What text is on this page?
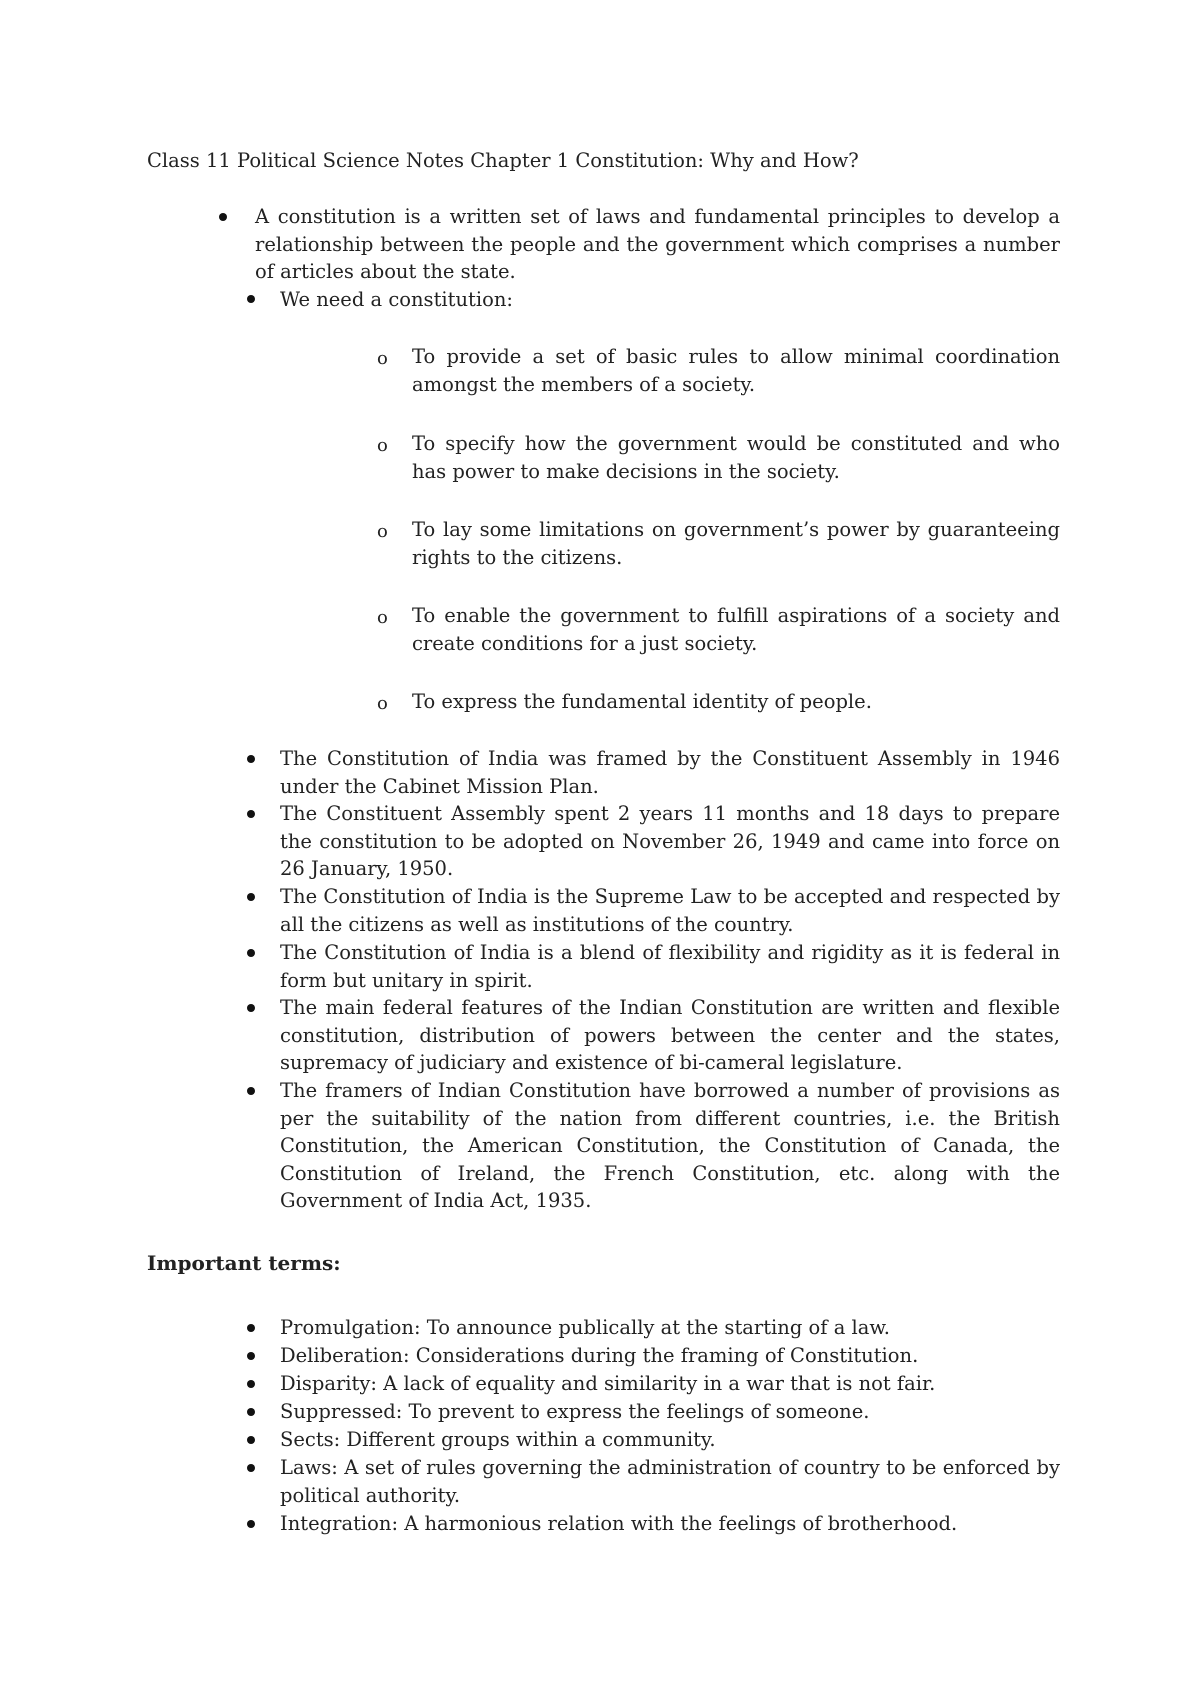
Class 11 Political Science Notes Chapter 1 Constitution: Why and How?
A constitution is a written set of laws and fundamental principles to develop a relationship between the people and the government which comprises a number of articles about the state.
We need a constitution:
o To provide a set of basic rules to allow minimal coordination amongst the members of a society.
o To specify how the government would be constituted and who has power to make decisions in the society.
o To lay some limitations on government’s power by guaranteeing rights to the citizens.
o To enable the government to fulfill aspirations of a society and create conditions for a just society.
o To express the fundamental identity of people.
The Constitution of India was framed by the Constituent Assembly in 1946 under the Cabinet Mission Plan.
The Constituent Assembly spent 2 years 11 months and 18 days to prepare the constitution to be adopted on November 26, 1949 and came into force on 26 January, 1950.
The Constitution of India is the Supreme Law to be accepted and respected by all the citizens as well as institutions of the country.
The Constitution of India is a blend of flexibility and rigidity as it is federal in form but unitary in spirit.
The main federal features of the Indian Constitution are written and flexible constitution, distribution of powers between the center and the states, supremacy of judiciary and existence of bi-cameral legislature.
The framers of Indian Constitution have borrowed a number of provisions as per the suitability of the nation from different countries, i.e. the British Constitution, the American Constitution, the Constitution of Canada, the Constitution of Ireland, the French Constitution, etc. along with the Government of India Act, 1935.
Important terms:
Promulgation: To announce publically at the starting of a law.
Deliberation: Considerations during the framing of Constitution.
Disparity: A lack of equality and similarity in a war that is not fair.
Suppressed: To prevent to express the feelings of someone.
Sects: Different groups within a community.
Laws: A set of rules governing the administration of country to be enforced by political authority.
Integration: A harmonious relation with the feelings of brotherhood.
